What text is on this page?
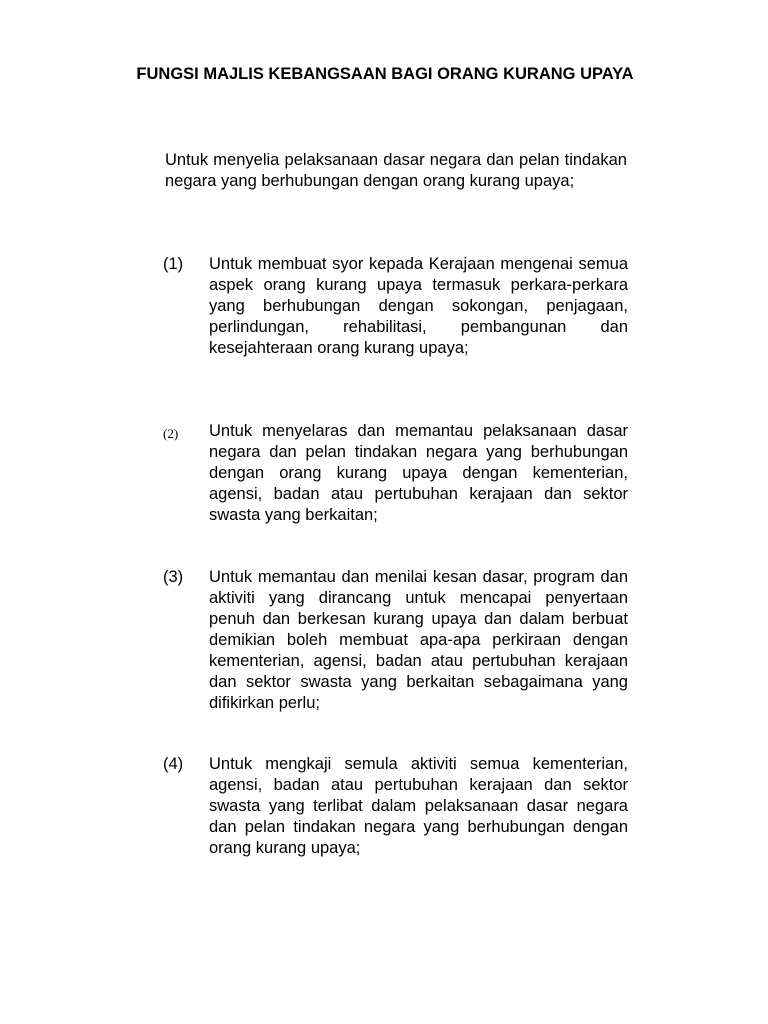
FUNGSI MAJLIS KEBANGSAAN BAGI ORANG KURANG UPAYA

Untuk menyelia pelaksanaan dasar negara dan pelan tindakan negara yang berhubungan dengan orang kurang upaya;

(1) Untuk membuat syor kepada Kerajaan mengenai semua aspek orang kurang upaya termasuk perkara-perkara yang berhubungan dengan sokongan, penjagaan, perlindungan, rehabilitasi, pembangunan dan kesejahteraan orang kurang upaya;
(2) Untuk menyelaras dan memantau pelaksanaan dasar negara dan pelan tindakan negara yang berhubungan dengan orang kurang upaya dengan kementerian, agensi, badan atau pertubuhan kerajaan dan sektor swasta yang berkaitan;
(3) Untuk memantau dan menilai kesan dasar, program dan aktiviti yang dirancang untuk mencapai penyertaan penuh dan berkesan kurang upaya dan dalam berbuat demikian boleh membuat apa-apa perkiraan dengan kementerian, agensi, badan atau pertubuhan kerajaan dan sektor swasta yang berkaitan sebagaimana yang difikirkan perlu;
(4) Untuk mengkaji semula aktiviti semua kementerian, agensi, badan atau pertubuhan kerajaan dan sektor swasta yang terlibat dalam pelaksanaan dasar negara dan pelan tindakan negara yang berhubungan dengan orang kurang upaya;
